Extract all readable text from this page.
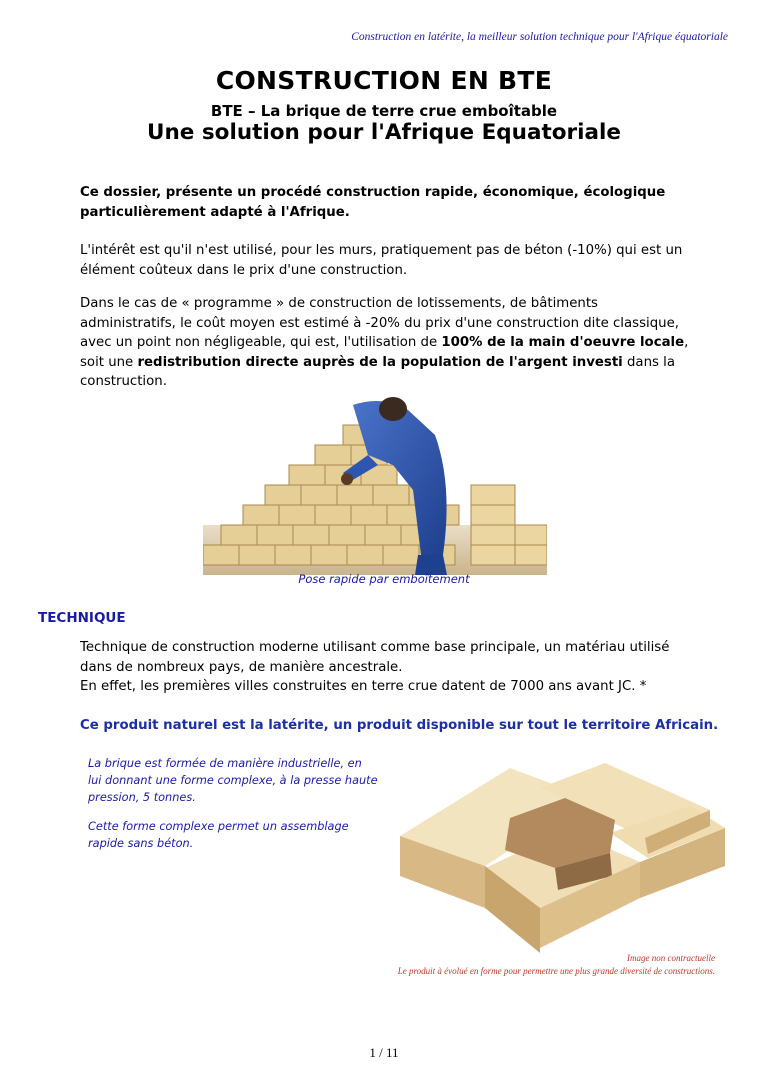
Construction en latérite, la meilleur solution technique pour l'Afrique équatoriale
CONSTRUCTION EN BTE
BTE – La brique de terre crue emboîtable
Une solution pour l'Afrique Equatoriale
Ce dossier, présente un procédé construction rapide, économique, écologique
particulièrement adapté à l'Afrique.
L'intérêt est qu'il n'est utilisé, pour les murs, pratiquement pas de béton (-10%) qui est un
élément coûteux dans le prix d'une construction.
Dans le cas de « programme » de construction de lotissements, de bâtiments
administratifs, le coût moyen est estimé à -20% du prix d'une construction dite classique,
avec un point non négligeable, qui est, l'utilisation de 100% de la main d'oeuvre locale,
soit une redistribution directe auprès de la population de l'argent investi dans la
construction.
Pose rapide par emboîtement
TECHNIQUE
Technique de construction moderne utilisant comme base principale, un matériau utilisé
dans de nombreux pays, de manière ancestrale.
En effet, les premières villes construites en terre crue datent de 7000 ans avant JC. *
Ce produit naturel est la latérite, un produit disponible sur tout le territoire Africain.
La brique est formée de manière industrielle, en
lui donnant une forme complexe, à la presse haute
pression, 5 tonnes.
Cette forme complexe permet un assemblage
rapide sans béton.
Image non contractuelle
Le produit à évolué en forme pour permettre une plus grande diversité de constructions.
1 / 11
